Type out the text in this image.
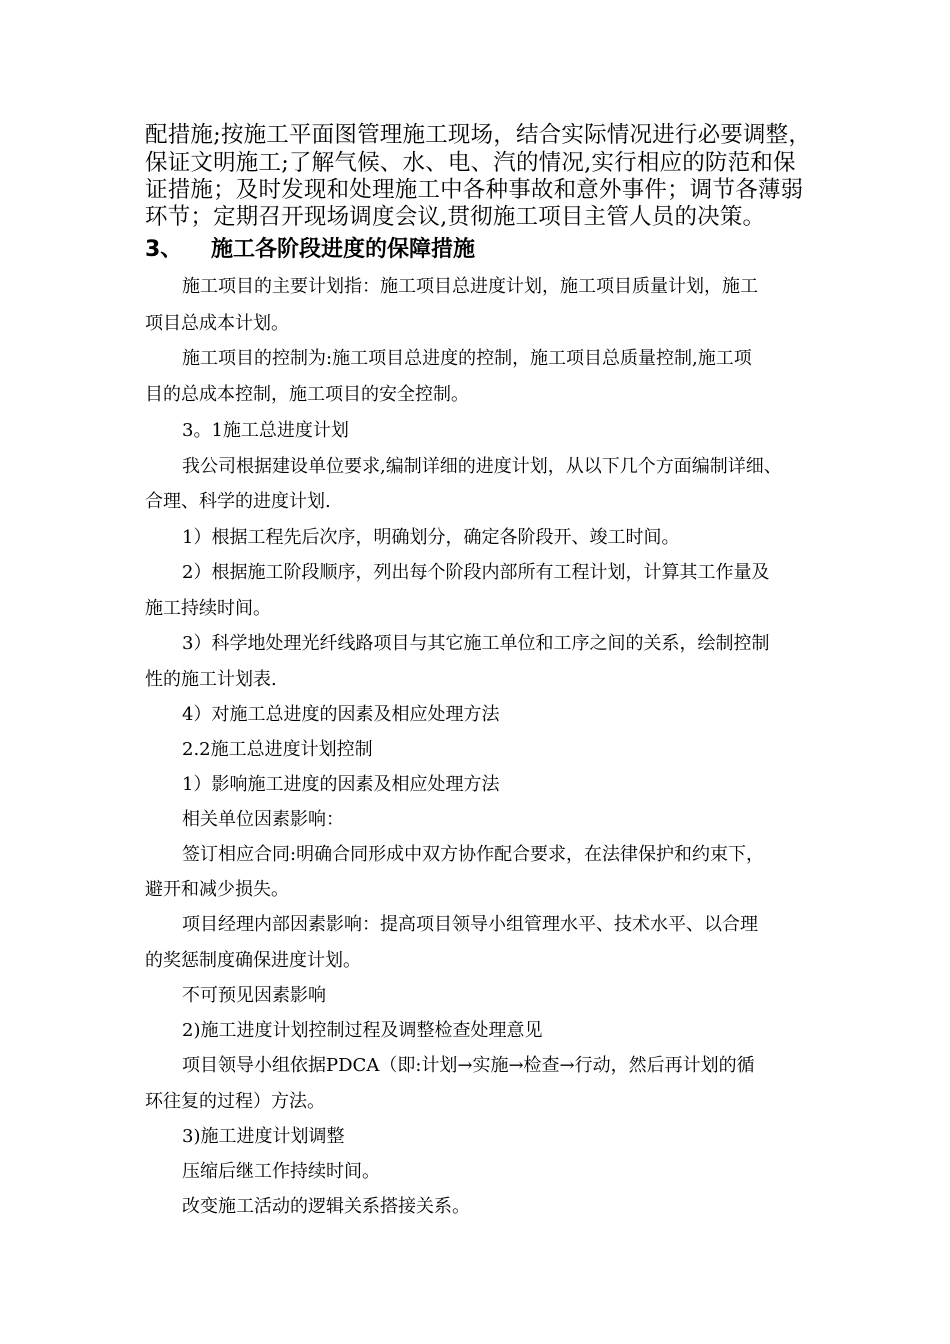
配措施;按施工平面图管理施工现场，结合实际情况进行必要调整，
保证文明施工;了解气候、水、电、汽的情况,实行相应的防范和保
证措施；及时发现和处理施工中各种事故和意外事件；调节各薄弱
环节；定期召开现场调度会议,贯彻施工项目主管人员的决策。
3、 施工各阶段进度的保障措施
施工项目的主要计划指：施工项目总进度计划，施工项目质量计划，施工
项目总成本计划。
施工项目的控制为:施工项目总进度的控制，施工项目总质量控制,施工项
目的总成本控制，施工项目的安全控制。
3。1施工总进度计划
我公司根据建设单位要求,编制详细的进度计划，从以下几个方面编制详细、
合理、科学的进度计划.
1）根据工程先后次序，明确划分，确定各阶段开、竣工时间。
2）根据施工阶段顺序，列出每个阶段内部所有工程计划，计算其工作量及
施工持续时间。
3）科学地处理光纤线路项目与其它施工单位和工序之间的关系，绘制控制
性的施工计划表.
4）对施工总进度的因素及相应处理方法
2.2施工总进度计划控制
1）影响施工进度的因素及相应处理方法
相关单位因素影响：
签订相应合同:明确合同形成中双方协作配合要求，在法律保护和约束下，
避开和减少损失。
项目经理内部因素影响：提高项目领导小组管理水平、技术水平、以合理
的奖惩制度确保进度计划。
不可预见因素影响
2)施工进度计划控制过程及调整检查处理意见
项目领导小组依据PDCA（即:计划→实施→检查→行动，然后再计划的循
环往复的过程）方法。
3)施工进度计划调整
压缩后继工作持续时间。
改变施工活动的逻辑关系搭接关系。
